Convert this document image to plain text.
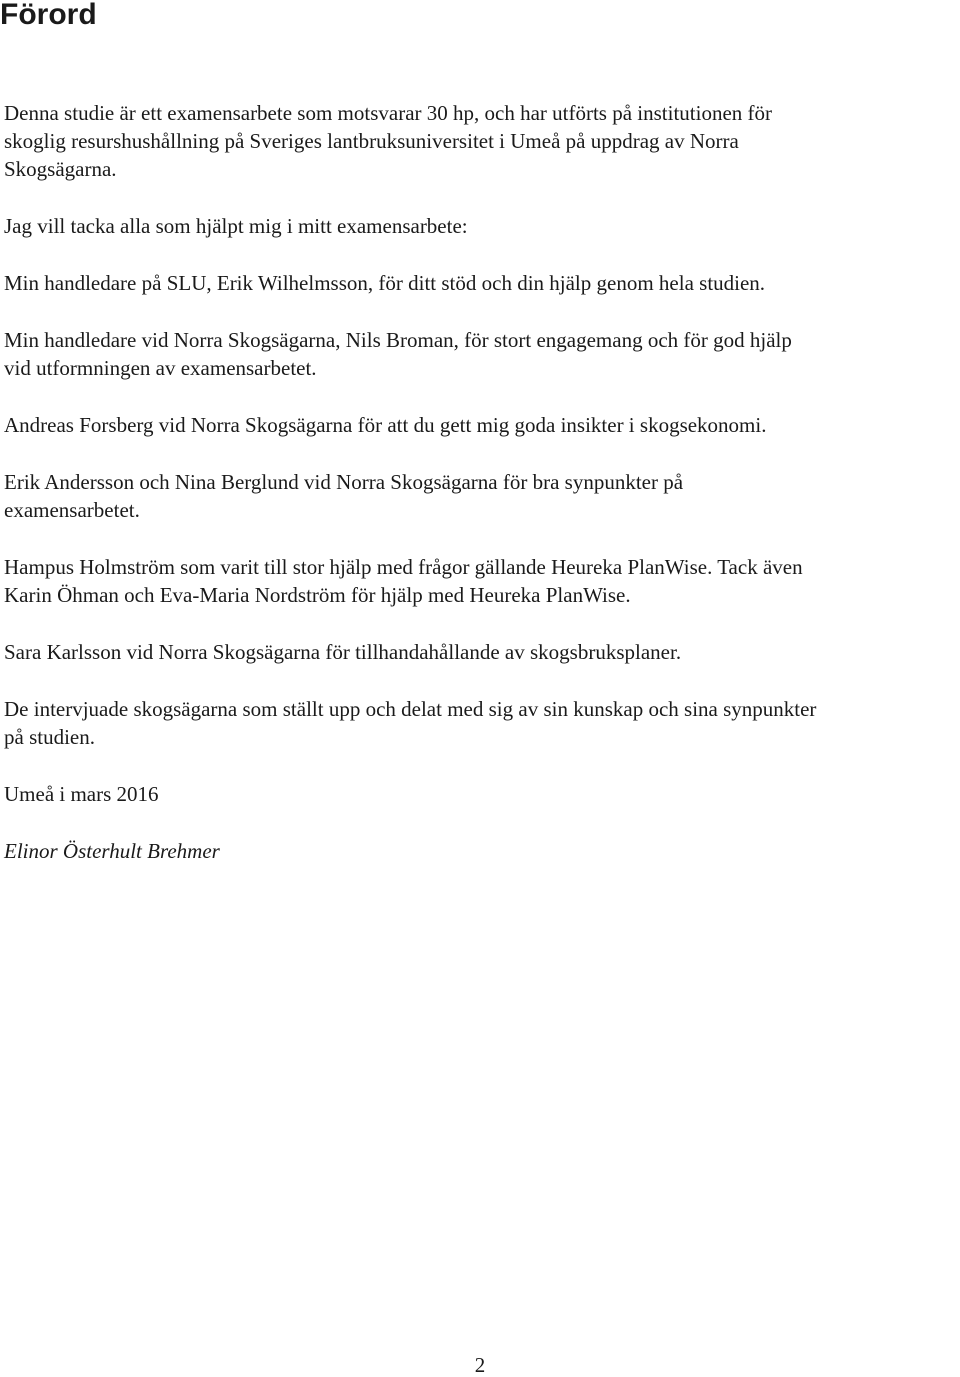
Förord

Denna studie är ett examensarbete som motsvarar 30 hp, och har utförts på institutionen för
skoglig resurshushållning på Sveriges lantbruksuniversitet i Umeå på uppdrag av Norra
Skogsägarna.

Jag vill tacka alla som hjälpt mig i mitt examensarbete:

Min handledare på SLU, Erik Wilhelmsson, för ditt stöd och din hjälp genom hela studien.

Min handledare vid Norra Skogsägarna, Nils Broman, för stort engagemang och för god hjälp
vid utformningen av examensarbetet.

Andreas Forsberg vid Norra Skogsägarna för att du gett mig goda insikter i skogsekonomi.

Erik Andersson och Nina Berglund vid Norra Skogsägarna för bra synpunkter på
examensarbetet.

Hampus Holmström som varit till stor hjälp med frågor gällande Heureka PlanWise. Tack även
Karin Öhman och Eva-Maria Nordström för hjälp med Heureka PlanWise.

Sara Karlsson vid Norra Skogsägarna för tillhandahållande av skogsbruksplaner.

De intervjuade skogsägarna som ställt upp och delat med sig av sin kunskap och sina synpunkter
på studien.

Umeå i mars 2016

Elinor Österhult Brehmer

2
